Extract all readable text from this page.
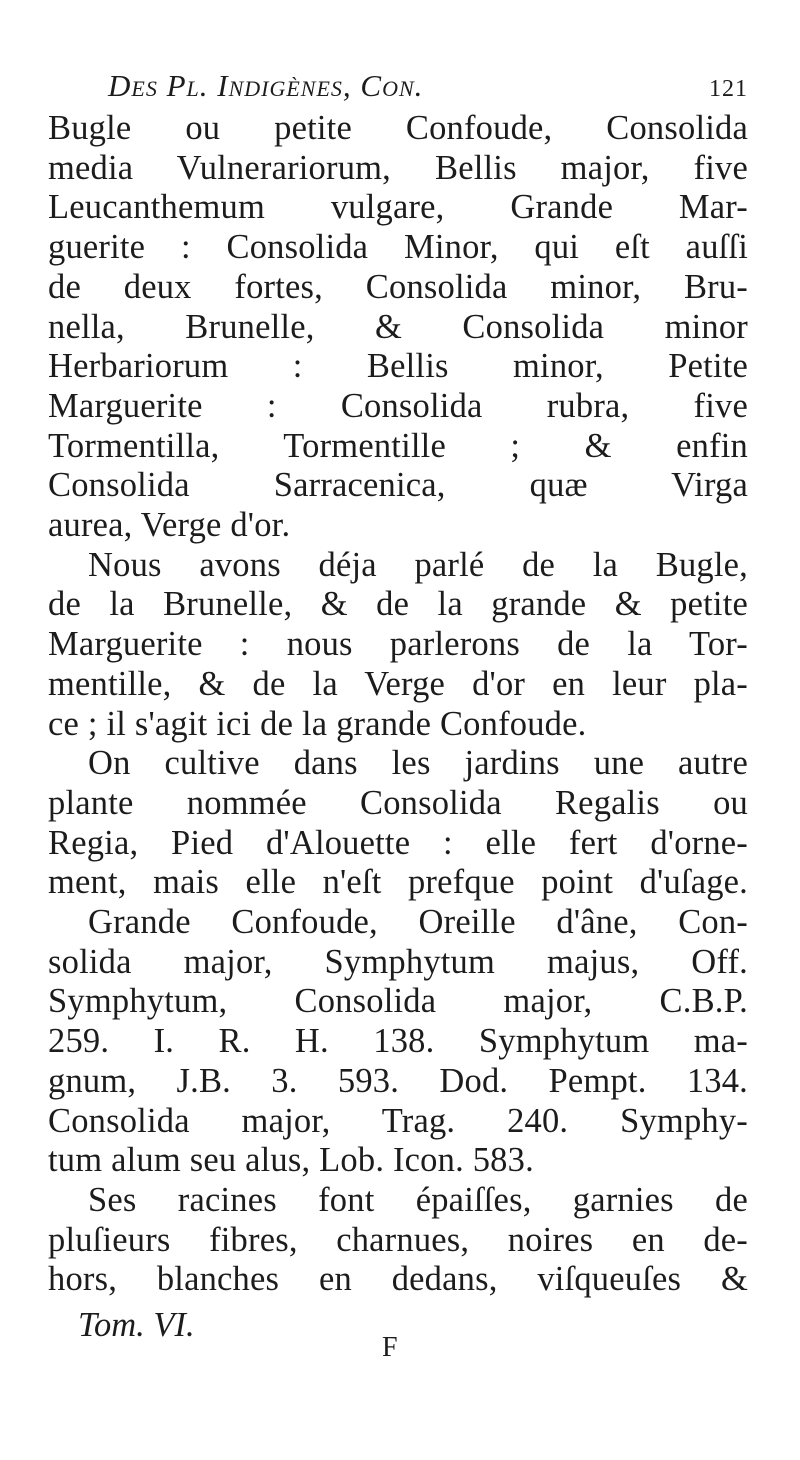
Des Pl. Indigènes, Con.	121
Bugle ou petite Confoude, Consolida
media Vulnerariorum, Bellis major, five
Leucanthemum vulgare, Grande Mar-
guerite : Consolida Minor, qui eſt auſſi
de deux fortes, Consolida minor, Bru-
nella, Brunelle, & Consolida minor
Herbariorum : Bellis minor, Petite
Marguerite : Consolida rubra, five
Tormentilla, Tormentille ; & enfin
Consolida Sarracenica, quæ Virga
aurea, Verge d'or.
Nous avons déja parlé de la Bugle,
de la Brunelle, & de la grande & petite
Marguerite : nous parlerons de la Tor-
mentille, & de la Verge d'or en leur pla-
ce ; il s'agit ici de la grande Confoude.
On cultive dans les jardins une autre
plante nommée Consolida Regalis ou
Regia, Pied d'Alouette : elle fert d'orne-
ment, mais elle n'eſt prefque point d'uſage.
Grande Confoude, Oreille d'âne, Con-
solida major, Symphytum majus, Off.
Symphytum, Consolida major, C.B.P.
259. I. R. H. 138. Symphytum ma-
gnum, J.B. 3. 593. Dod. Pempt. 134.
Consolida major, Trag. 240. Symphy-
tum alum seu alus, Lob. Icon. 583.
Ses racines font épaiſſes, garnies de
pluſieurs fibres, charnues, noires en de-
hors, blanches en dedans, viſqueuſes &
Tom. VI.
F
